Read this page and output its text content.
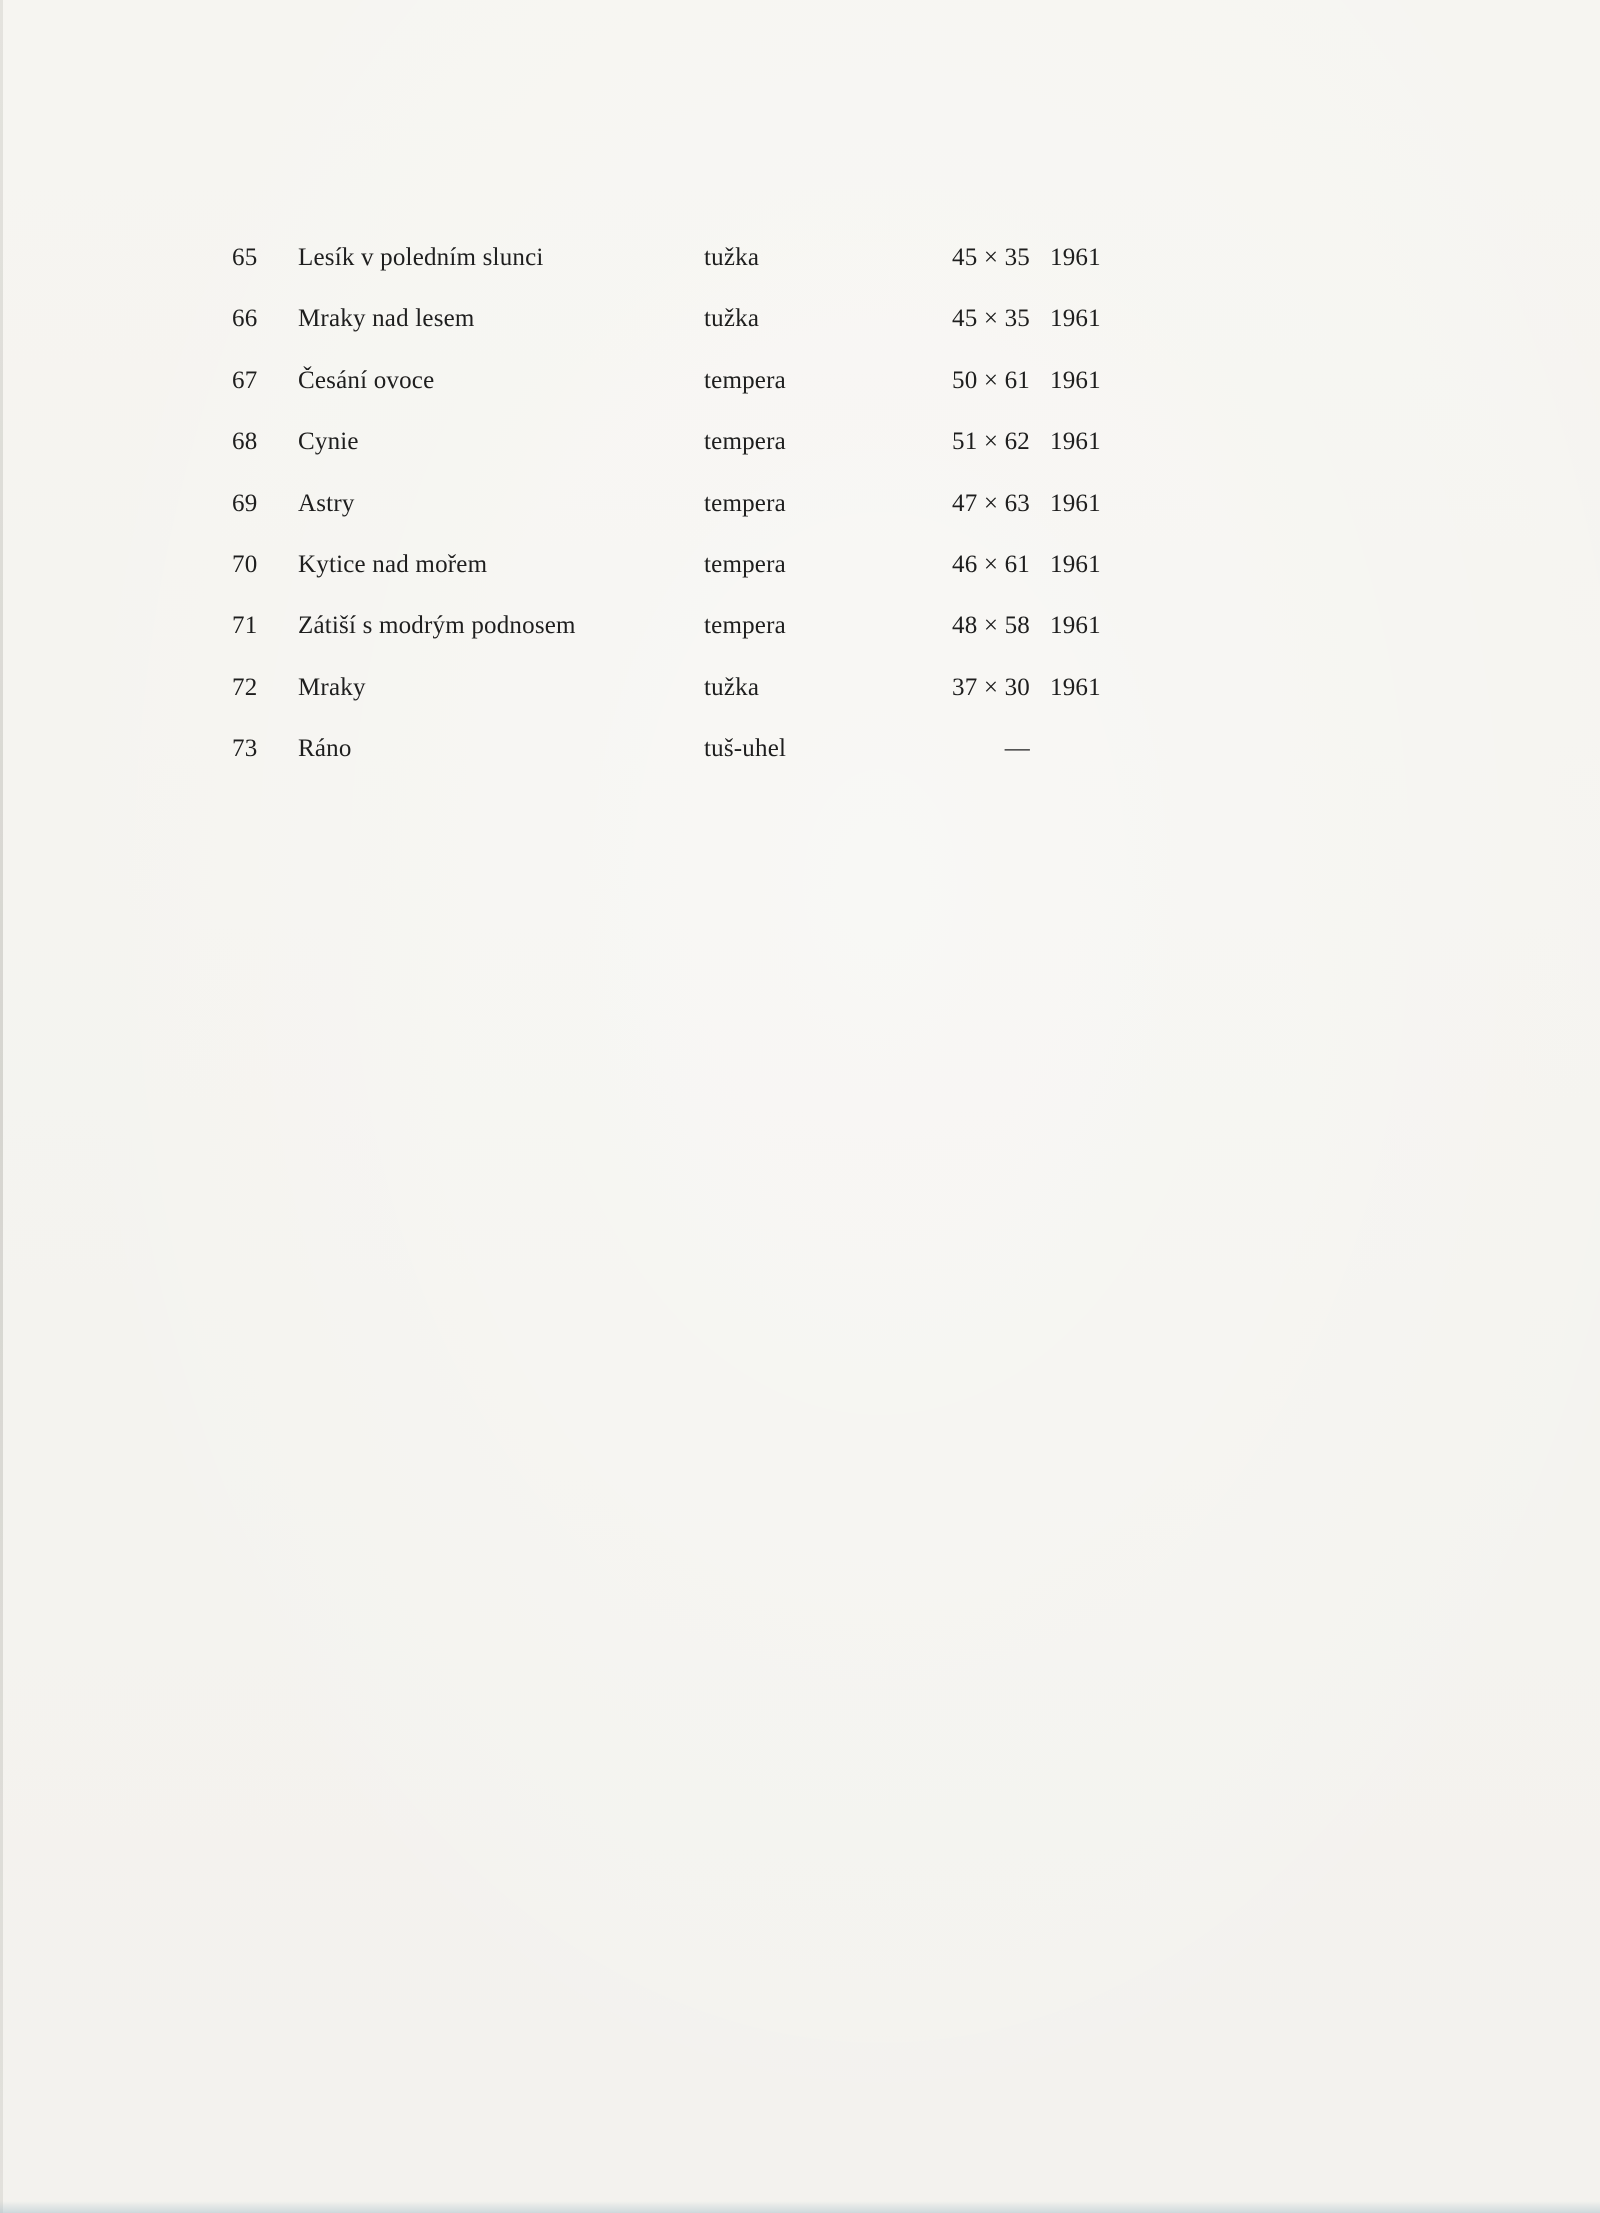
65 Lesík v poledním slunci	tužka	45 × 35 1961
66 Mraky nad lesem	tužka	45 × 35 1961
67 Česání ovoce	tempera	50 × 61 1961
68 Cynie	tempera	51 × 62 1961
69 Astry	tempera	47 × 63 1961
70 Kytice nad mořem	tempera	46 × 61 1961
71 Zátiší s modrým podnosem	tempera	48 × 58 1961
72 Mraky	tužka	37 × 30 1961
73 Ráno	tuš-uhel	—
